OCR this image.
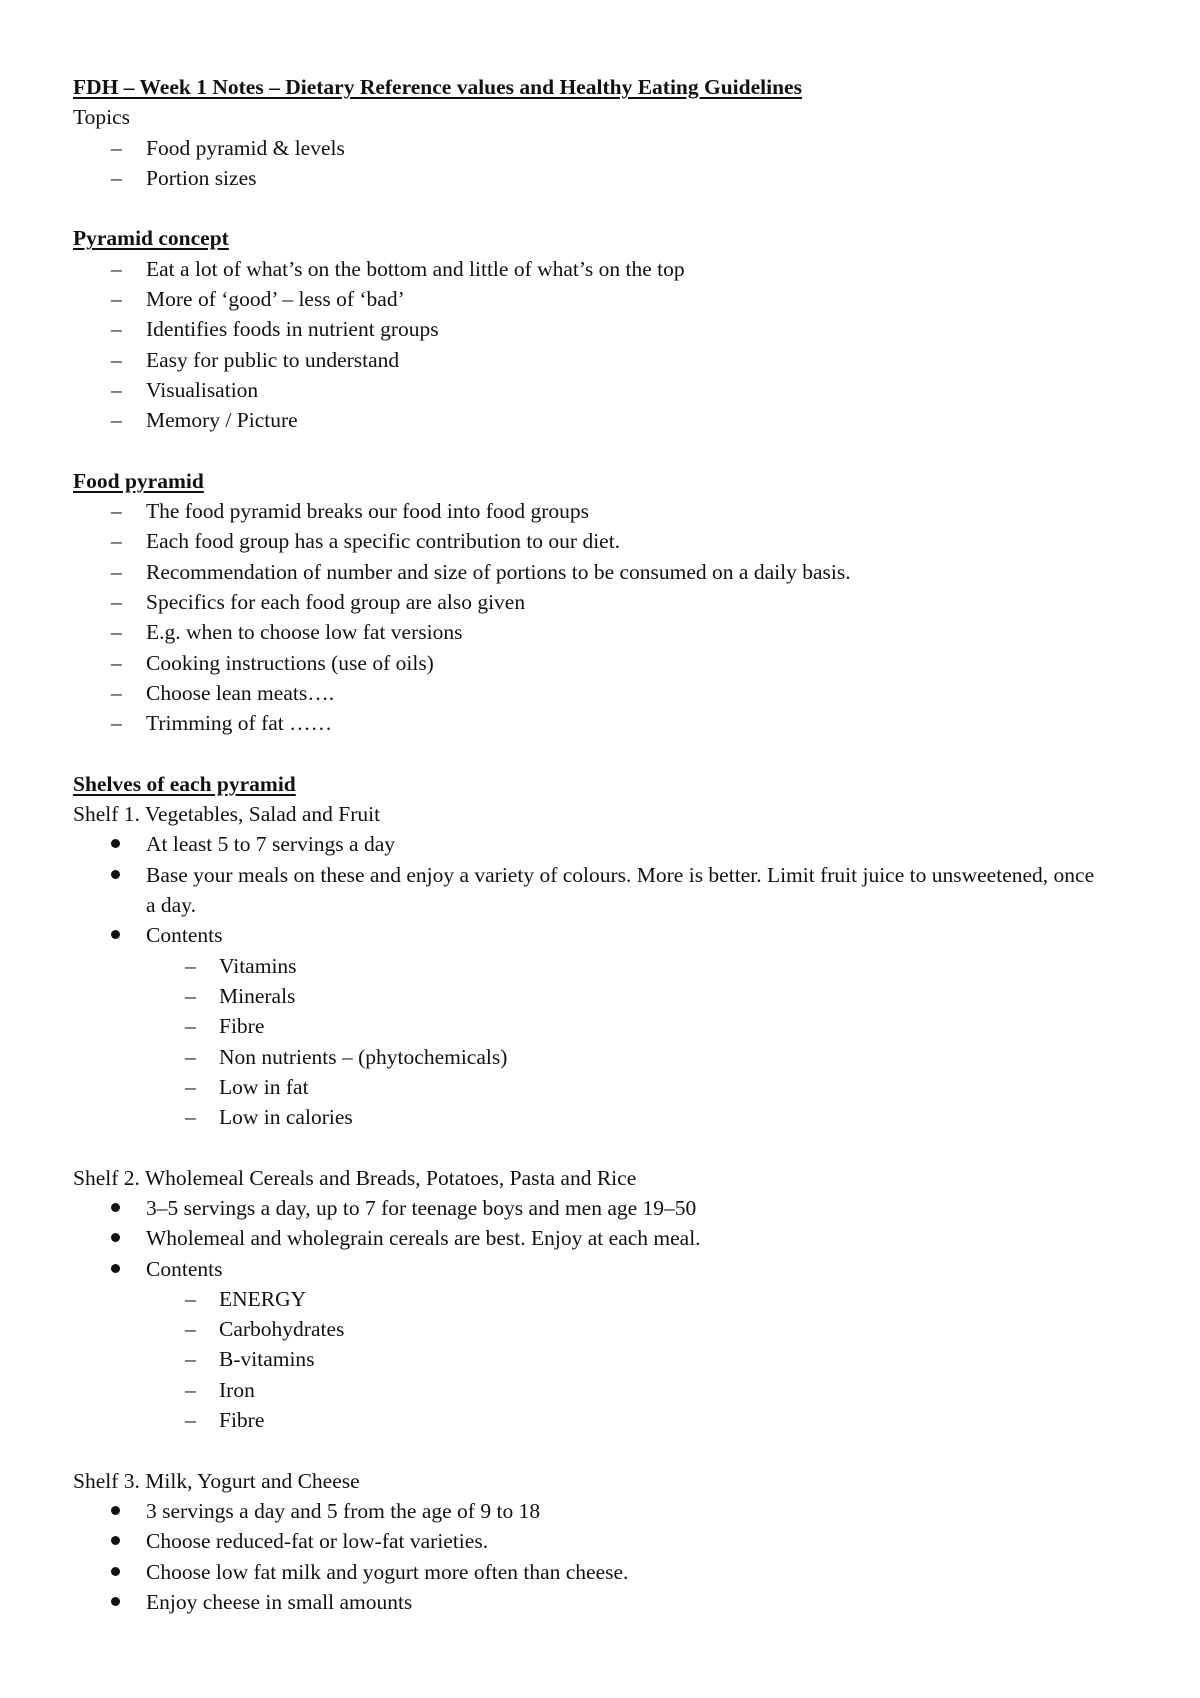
FDH – Week 1 Notes – Dietary Reference values and Healthy Eating Guidelines
Topics
– Food pyramid & levels
– Portion sizes
Pyramid concept
– Eat a lot of what’s on the bottom and little of what’s on the top
– More of ‘good’ – less of ‘bad’
– Identifies foods in nutrient groups
– Easy for public to understand
– Visualisation
– Memory / Picture
Food pyramid
– The food pyramid breaks our food into food groups
– Each food group has a specific contribution to our diet.
– Recommendation of number and size of portions to be consumed on a daily basis.
– Specifics for each food group are also given
– E.g. when to choose low fat versions
– Cooking instructions (use of oils)
– Choose lean meats….
– Trimming of fat ……
Shelves of each pyramid
Shelf 1. Vegetables, Salad and Fruit
At least 5 to 7 servings a day
Base your meals on these and enjoy a variety of colours. More is better. Limit fruit juice to unsweetened, once a day.
Contents
– Vitamins
– Minerals
– Fibre
– Non nutrients – (phytochemicals)
– Low in fat
– Low in calories
Shelf 2. Wholemeal Cereals and Breads, Potatoes, Pasta and Rice
3–5 servings a day, up to 7 for teenage boys and men age 19–50
Wholemeal and wholegrain cereals are best. Enjoy at each meal.
Contents
– ENERGY
– Carbohydrates
– B-vitamins
– Iron
– Fibre
Shelf 3. Milk, Yogurt and Cheese
3 servings a day and 5 from the age of 9 to 18
Choose reduced-fat or low-fat varieties.
Choose low fat milk and yogurt more often than cheese.
Enjoy cheese in small amounts
